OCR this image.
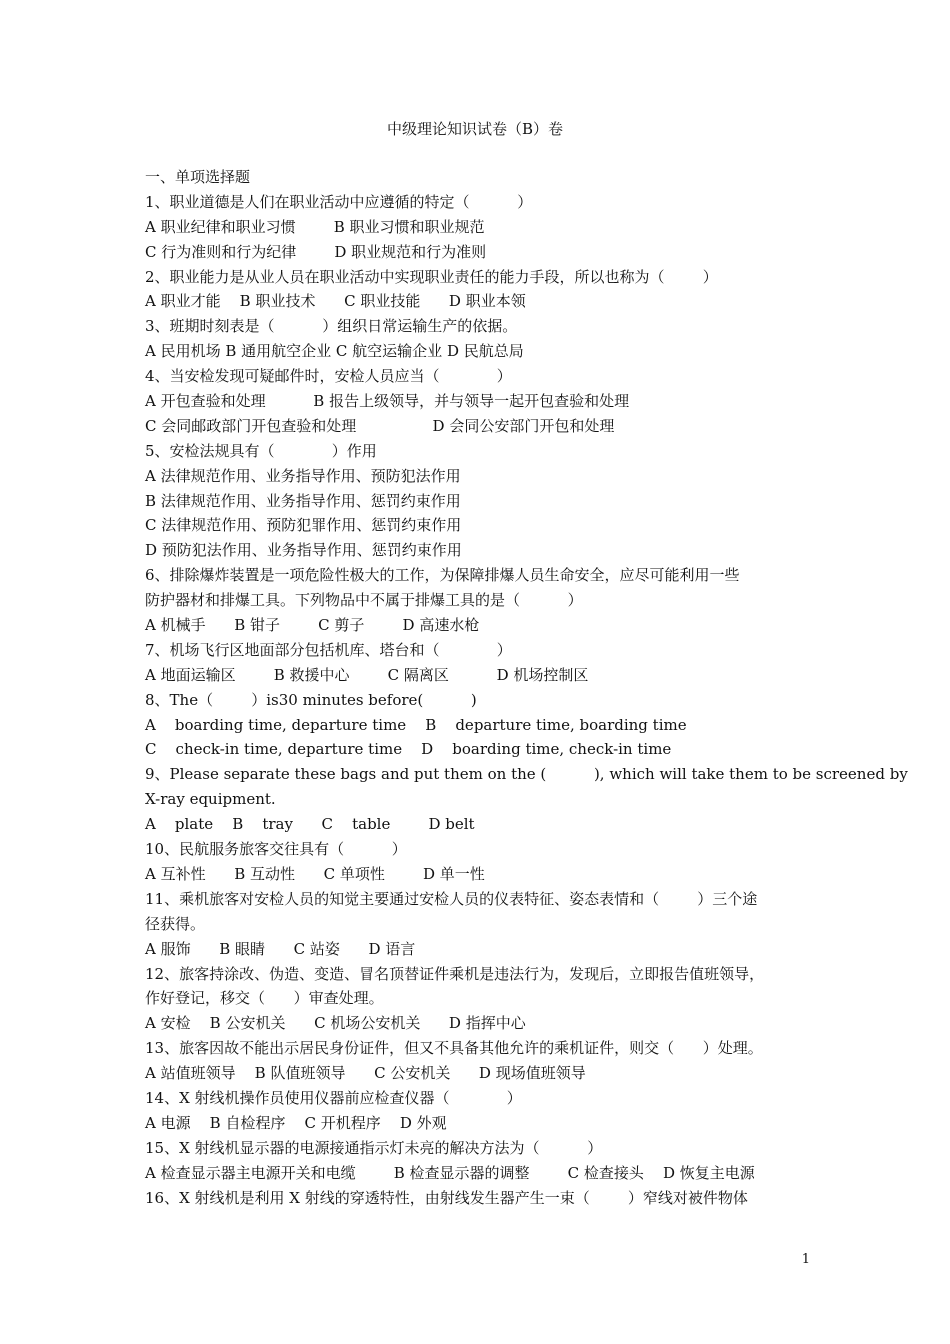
中级理论知识试卷（B）卷
一、单项选择题
1、职业道德是人们在职业活动中应遵循的特定（          ）
A 职业纪律和职业习惯        B 职业习惯和职业规范
C 行为准则和行为纪律        D 职业规范和行为准则
2、职业能力是从业人员在职业活动中实现职业责任的能力手段，所以也称为（        ）
A 职业才能    B 职业技术      C 职业技能      D 职业本领
3、班期时刻表是（          ）组织日常运输生产的依据。
A 民用机场 B 通用航空企业 C 航空运输企业 D 民航总局
4、当安检发现可疑邮件时，安检人员应当（            ）
A 开包查验和处理          B 报告上级领导，并与领导一起开包查验和处理
C 会同邮政部门开包查验和处理                D 会同公安部门开包和处理
5、安检法规具有（            ）作用
A 法律规范作用、业务指导作用、预防犯法作用
B 法律规范作用、业务指导作用、惩罚约束作用
C 法律规范作用、预防犯罪作用、惩罚约束作用
D 预防犯法作用、业务指导作用、惩罚约束作用
6、排除爆炸装置是一项危险性极大的工作，为保障排爆人员生命安全，应尽可能利用一些
防护器材和排爆工具。下列物品中不属于排爆工具的是（          ）
A 机械手      B 钳子        C 剪子        D 高速水枪
7、机场飞行区地面部分包括机库、塔台和（            ）
A 地面运输区        B 救援中心        C 隔离区          D 机场控制区
8、The（        ）is30 minutes before(          )
A    boarding time, departure time    B    departure time, boarding time
C    check-in time, departure time    D    boarding time, check-in time
9、Please separate these bags and put them on the (          ), which will take them to be screened by
X-ray equipment.
A    plate    B    tray      C    table        D belt
10、民航服务旅客交往具有（          ）
A 互补性      B 互动性      C 单项性        D 单一性
11、乘机旅客对安检人员的知觉主要通过安检人员的仪表特征、姿态表情和（        ）三个途
径获得。
A 服饰      B 眼睛      C 站姿      D 语言
12、旅客持涂改、伪造、变造、冒名顶替证件乘机是违法行为，发现后，立即报告值班领导，
作好登记，移交（      ）审查处理。
A 安检    B 公安机关      C 机场公安机关      D 指挥中心
13、旅客因故不能出示居民身份证件，但又不具备其他允许的乘机证件，则交（      ）处理。
A 站值班领导    B 队值班领导      C 公安机关      D 现场值班领导
14、X 射线机操作员使用仪器前应检查仪器（            ）
A 电源    B 自检程序    C 开机程序    D 外观
15、X 射线机显示器的电源接通指示灯未亮的解决方法为（          ）
A 检查显示器主电源开关和电缆        B 检查显示器的调整        C 检查接头    D 恢复主电源
16、X 射线机是利用 X 射线的穿透特性，由射线发生器产生一束（        ）窄线对被件物体
1
